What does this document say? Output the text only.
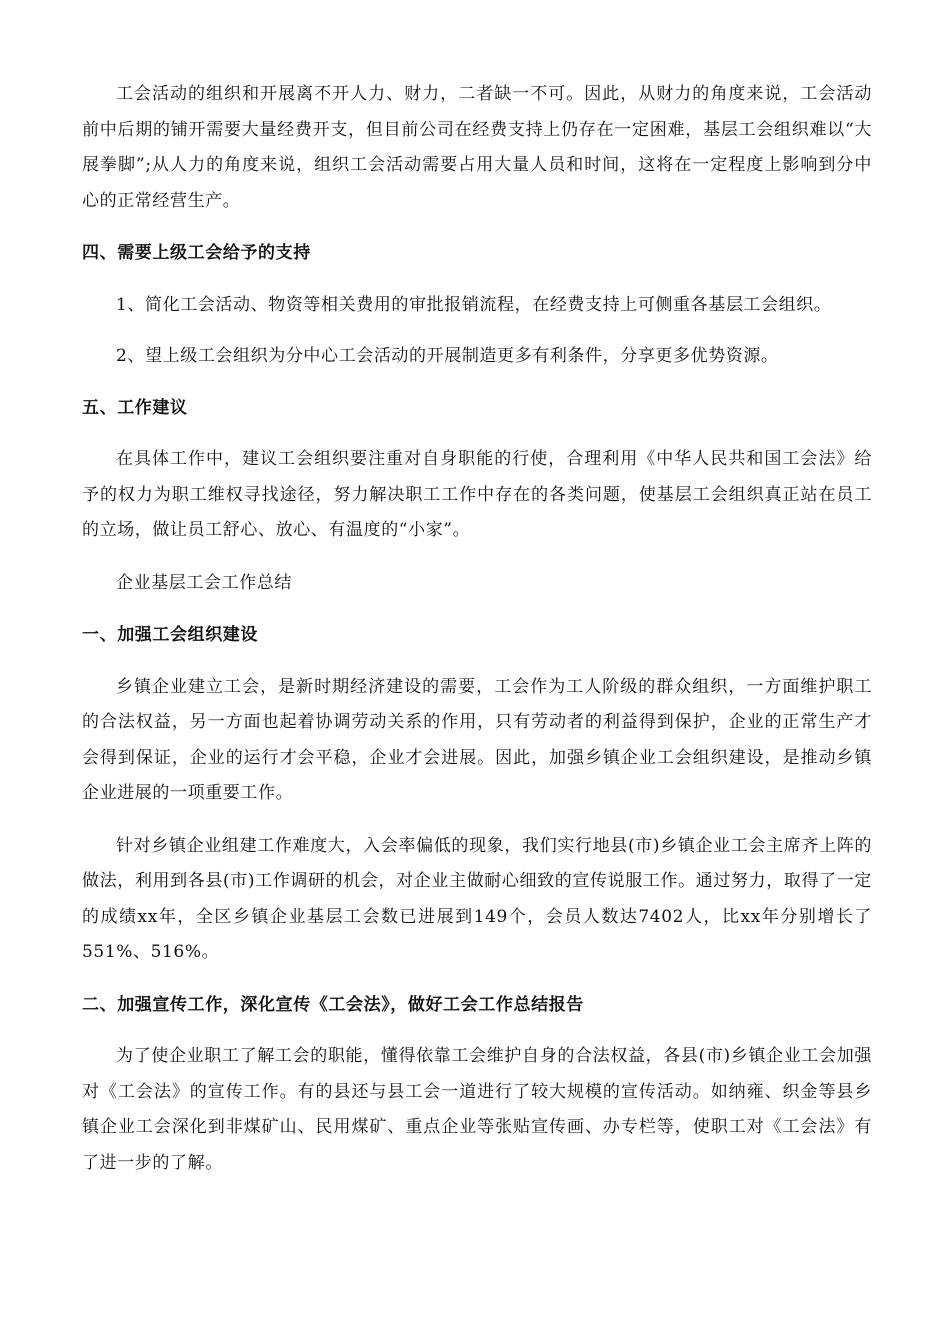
工会活动的组织和开展离不开人力、财力，二者缺一不可。因此，从财力的角度来说，工会活动前中后期的铺开需要大量经费开支，但目前公司在经费支持上仍存在一定困难，基层工会组织难以“大展拳脚”;从人力的角度来说，组织工会活动需要占用大量人员和时间，这将在一定程度上影响到分中心的正常经营生产。

四、需要上级工会给予的支持

1、简化工会活动、物资等相关费用的审批报销流程，在经费支持上可侧重各基层工会组织。

2、望上级工会组织为分中心工会活动的开展制造更多有利条件，分享更多优势资源。

五、工作建议

在具体工作中，建议工会组织要注重对自身职能的行使，合理利用《中华人民共和国工会法》给予的权力为职工维权寻找途径，努力解决职工工作中存在的各类问题，使基层工会组织真正站在员工的立场，做让员工舒心、放心、有温度的“小家”。

企业基层工会工作总结

一、加强工会组织建设

乡镇企业建立工会，是新时期经济建设的需要，工会作为工人阶级的群众组织，一方面维护职工的合法权益，另一方面也起着协调劳动关系的作用，只有劳动者的利益得到保护，企业的正常生产才会得到保证，企业的运行才会平稳，企业才会进展。因此，加强乡镇企业工会组织建设，是推动乡镇企业进展的一项重要工作。

针对乡镇企业组建工作难度大，入会率偏低的现象，我们实行地县(市)乡镇企业工会主席齐上阵的做法，利用到各县(市)工作调研的机会，对企业主做耐心细致的宣传说服工作。通过努力，取得了一定的成绩xx年，全区乡镇企业基层工会数已进展到149个，会员人数达7402人，比xx年分别增长了551%、516%。

二、加强宣传工作，深化宣传《工会法》，做好工会工作总结报告

为了使企业职工了解工会的职能，懂得依靠工会维护自身的合法权益，各县(市)乡镇企业工会加强对《工会法》的宣传工作。有的县还与县工会一道进行了较大规模的宣传活动。如纳雍、织金等县乡镇企业工会深化到非煤矿山、民用煤矿、重点企业等张贴宣传画、办专栏等，使职工对《工会法》有了进一步的了解。
